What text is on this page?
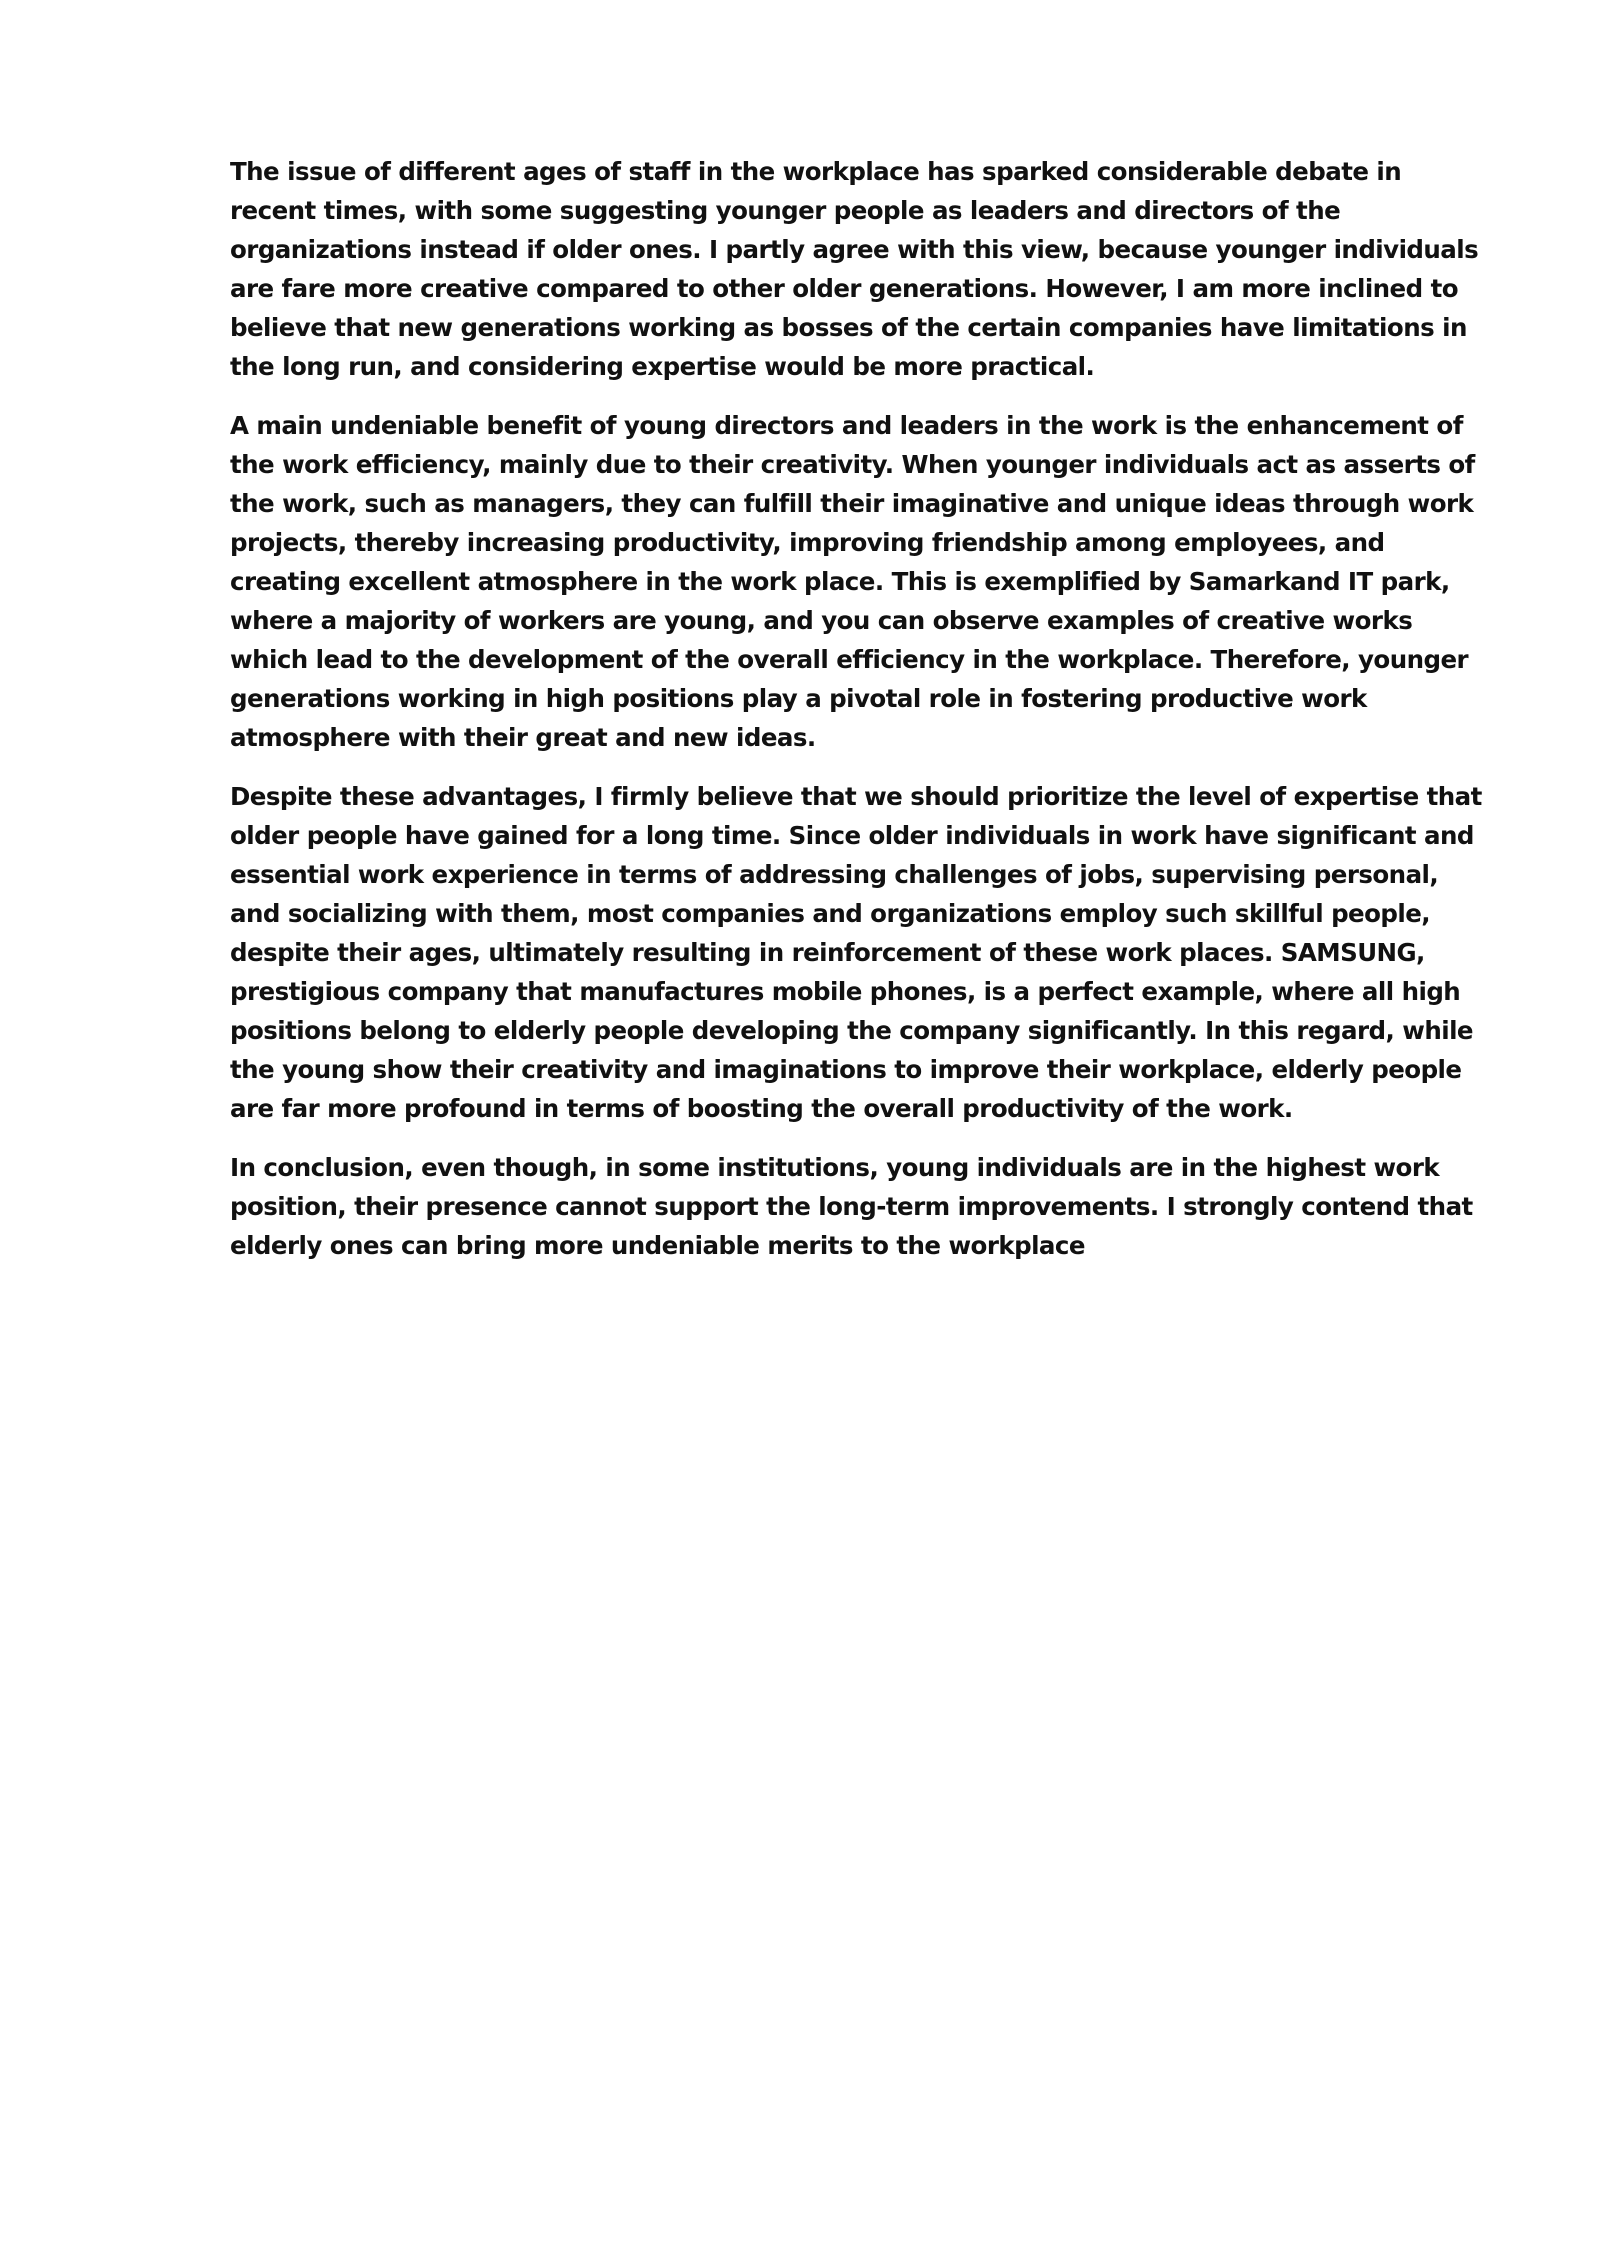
The issue of different ages of staff in the workplace has sparked considerable debate in recent times, with some suggesting younger people as leaders and directors of the organizations instead if older ones. I partly agree with this view, because younger individuals are fare more creative compared to other older generations. However, I am more inclined to believe that new generations working as bosses of the certain companies have limitations in the long run, and considering expertise would be more practical.

A main undeniable benefit of young directors and leaders in the work is the enhancement of the work efficiency, mainly due to their creativity. When younger individuals act as asserts of the work, such as managers, they can fulfill their imaginative and unique ideas through work projects, thereby increasing productivity, improving friendship among employees, and creating excellent atmosphere in the work place. This is exemplified by Samarkand IT park, where a majority of workers are young, and you can observe examples of creative works which lead to the development of the overall efficiency in the workplace. Therefore, younger generations working in high positions play a pivotal role in fostering productive work atmosphere with their great and new ideas.

Despite these advantages, I firmly believe that we should prioritize the level of expertise that older people have gained for a long time. Since older individuals in work have significant and essential work experience in terms of addressing challenges of jobs, supervising personal, and socializing with them, most companies and organizations employ such skillful people, despite their ages, ultimately resulting in reinforcement of these work places. SAMSUNG, prestigious company that manufactures mobile phones, is a perfect example, where all high positions belong to elderly people developing the company significantly. In this regard, while the young show their creativity and imaginations to improve their workplace, elderly people are far more profound in terms of boosting the overall productivity of the work.

In conclusion, even though, in some institutions, young individuals are in the highest work position, their presence cannot support the long-term improvements. I strongly contend that elderly ones can bring more undeniable merits to the workplace
